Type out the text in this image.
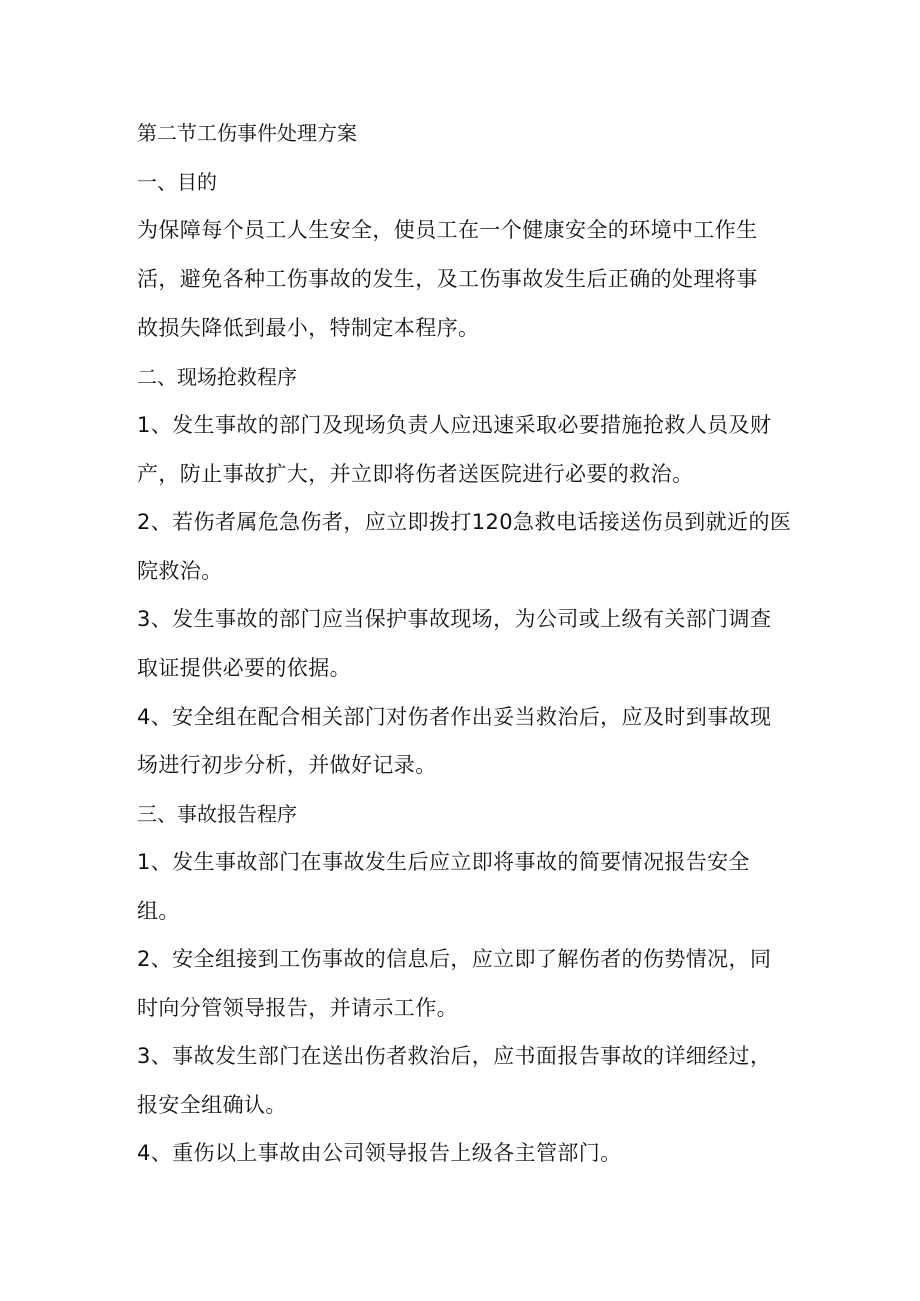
第二节工伤事件处理方案
一、目的
为保障每个员工人生安全，使员工在一个健康安全的环境中工作生
活，避免各种工伤事故的发生，及工伤事故发生后正确的处理将事
故损失降低到最小，特制定本程序。
二、现场抢救程序
1、发生事故的部门及现场负责人应迅速采取必要措施抢救人员及财
产，防止事故扩大，并立即将伤者送医院进行必要的救治。
2、若伤者属危急伤者，应立即拨打120急救电话接送伤员到就近的医
院救治。
3、发生事故的部门应当保护事故现场，为公司或上级有关部门调查
取证提供必要的依据。
4、安全组在配合相关部门对伤者作出妥当救治后，应及时到事故现
场进行初步分析，并做好记录。
三、事故报告程序
1、发生事故部门在事故发生后应立即将事故的简要情况报告安全
组。
2、安全组接到工伤事故的信息后，应立即了解伤者的伤势情况，同
时向分管领导报告，并请示工作。
3、事故发生部门在送出伤者救治后，应书面报告事故的详细经过，
报安全组确认。
4、重伤以上事故由公司领导报告上级各主管部门。
